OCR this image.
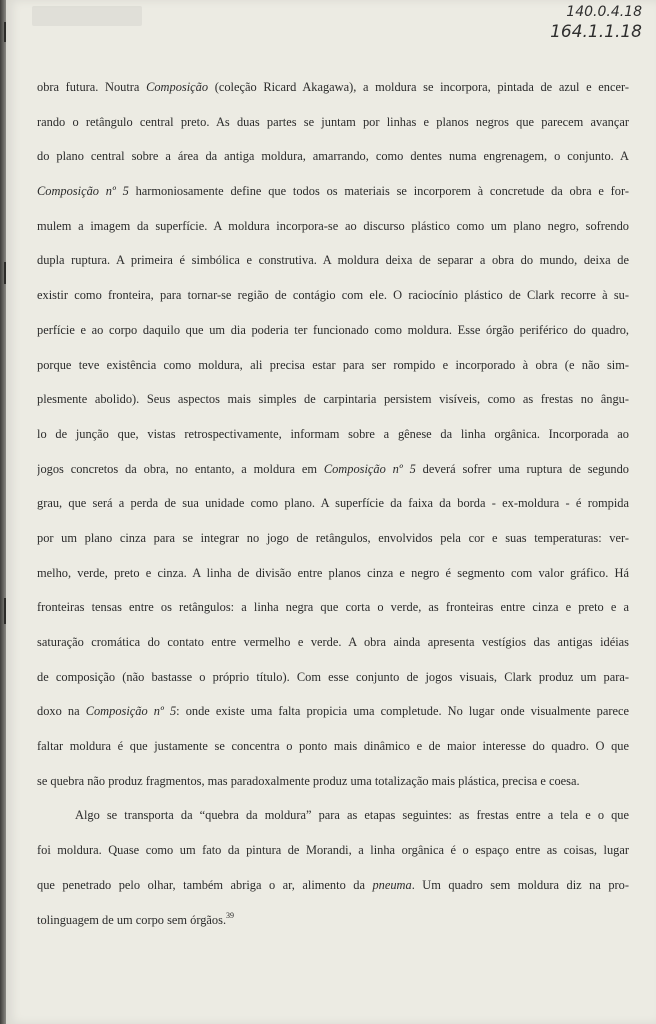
140.0.4.18
164.1.1.18
obra futura. Noutra Composição (coleção Ricard Akagawa), a moldura se incorpora, pintada de azul e encer-
rando o retângulo central preto. As duas partes se juntam por linhas e planos negros que parecem avançar
do plano central sobre a área da antiga moldura, amarrando, como dentes numa engrenagem, o conjunto. A
Composição nº 5 harmoniosamente define que todos os materiais se incorporem à concretude da obra e for-
mulem a imagem da superfície. A moldura incorpora-se ao discurso plástico como um plano negro, sofrendo
dupla ruptura. A primeira é simbólica e construtiva. A moldura deixa de separar a obra do mundo, deixa de
existir como fronteira, para tornar-se região de contágio com ele. O raciocínio plástico de Clark recorre à su-
perfície e ao corpo daquilo que um dia poderia ter funcionado como moldura. Esse órgão periférico do quadro,
porque teve existência como moldura, ali precisa estar para ser rompido e incorporado à obra (e não sim-
plesmente abolido). Seus aspectos mais simples de carpintaria persistem visíveis, como as frestas no ângu-
lo de junção que, vistas retrospectivamente, informam sobre a gênese da linha orgânica. Incorporada ao
jogos concretos da obra, no entanto, a moldura em Composição nº 5 deverá sofrer uma ruptura de segundo
grau, que será a perda de sua unidade como plano. A superfície da faixa da borda - ex-moldura - é rompida
por um plano cinza para se integrar no jogo de retângulos, envolvidos pela cor e suas temperaturas: ver-
melho, verde, preto e cinza. A linha de divisão entre planos cinza e negro é segmento com valor gráfico. Há
fronteiras tensas entre os retângulos: a linha negra que corta o verde, as fronteiras entre cinza e preto e a
saturação cromática do contato entre vermelho e verde. A obra ainda apresenta vestígios das antigas idéias
de composição (não bastasse o próprio título). Com esse conjunto de jogos visuais, Clark produz um para-
doxo na Composição nº 5: onde existe uma falta propicia uma completude. No lugar onde visualmente parece
faltar moldura é que justamente se concentra o ponto mais dinâmico e de maior interesse do quadro. O que
se quebra não produz fragmentos, mas paradoxalmente produz uma totalização mais plástica, precisa e coesa.
Algo se transporta da “quebra da moldura” para as etapas seguintes: as frestas entre a tela e o que
foi moldura. Quase como um fato da pintura de Morandi, a linha orgânica é o espaço entre as coisas, lugar
que penetrado pelo olhar, também abriga o ar, alimento da pneuma. Um quadro sem moldura diz na pro-
tolinguagem de um corpo sem órgãos.$^{39}$
